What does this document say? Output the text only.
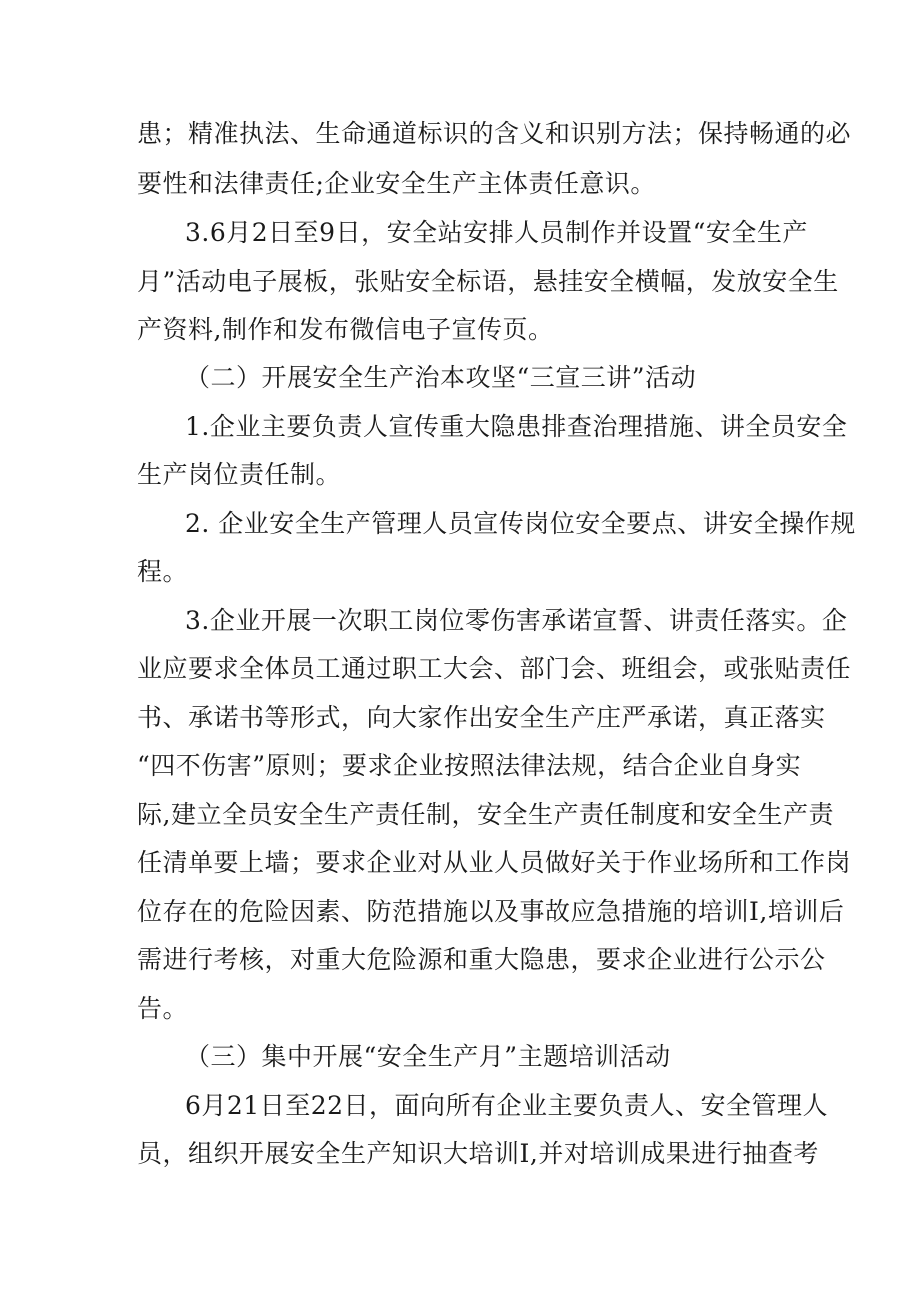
患；精准执法、生命通道标识的含义和识别方法；保持畅通的必
要性和法律责任;企业安全生产主体责任意识。
3.6月2日至9日，安全站安排人员制作并设置“安全生产
月”活动电子展板，张贴安全标语，悬挂安全横幅，发放安全生
产资料,制作和发布微信电子宣传页。
（二）开展安全生产治本攻坚“三宣三讲”活动
1.企业主要负责人宣传重大隐患排查治理措施、讲全员安全
生产岗位责任制。
2. 企业安全生产管理人员宣传岗位安全要点、讲安全操作规
程。
3.企业开展一次职工岗位零伤害承诺宣誓、讲责任落实。企
业应要求全体员工通过职工大会、部门会、班组会，或张贴责任
书、承诺书等形式，向大家作出安全生产庄严承诺，真正落实
“四不伤害”原则；要求企业按照法律法规，结合企业自身实
际,建立全员安全生产责任制，安全生产责任制度和安全生产责
任清单要上墙；要求企业对从业人员做好关于作业场所和工作岗
位存在的危险因素、防范措施以及事故应急措施的培训I,培训后
需进行考核，对重大危险源和重大隐患，要求企业进行公示公
告。
（三）集中开展“安全生产月”主题培训活动
6月21日至22日，面向所有企业主要负责人、安全管理人
员，组织开展安全生产知识大培训I,并对培训成果进行抽查考
